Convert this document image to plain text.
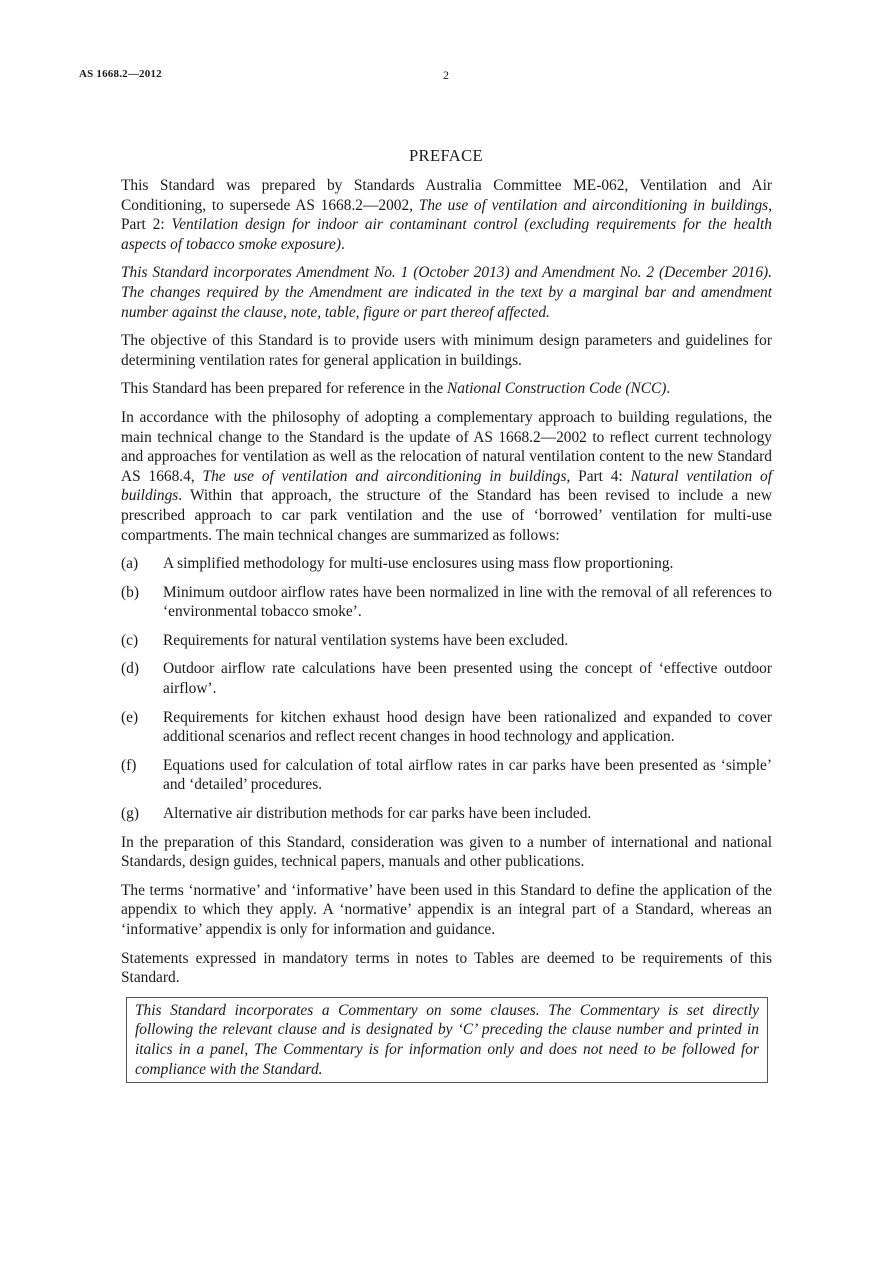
AS 1668.2—2012	2
PREFACE

This Standard was prepared by Standards Australia Committee ME-062, Ventilation and Air Conditioning, to supersede AS 1668.2—2002, The use of ventilation and airconditioning in buildings, Part 2: Ventilation design for indoor air contaminant control (excluding requirements for the health aspects of tobacco smoke exposure).

This Standard incorporates Amendment No. 1 (October 2013) and Amendment No. 2 (December 2016). The changes required by the Amendment are indicated in the text by a marginal bar and amendment number against the clause, note, table, figure or part thereof affected.

The objective of this Standard is to provide users with minimum design parameters and guidelines for determining ventilation rates for general application in buildings.

This Standard has been prepared for reference in the National Construction Code (NCC).

In accordance with the philosophy of adopting a complementary approach to building regulations, the main technical change to the Standard is the update of AS 1668.2—2002 to reflect current technology and approaches for ventilation as well as the relocation of natural ventilation content to the new Standard AS 1668.4, The use of ventilation and airconditioning in buildings, Part 4: Natural ventilation of buildings. Within that approach, the structure of the Standard has been revised to include a new prescribed approach to car park ventilation and the use of ‘borrowed’ ventilation for multi-use compartments. The main technical changes are summarized as follows:

(a)	A simplified methodology for multi-use enclosures using mass flow proportioning.
(b)	Minimum outdoor airflow rates have been normalized in line with the removal of all references to ‘environmental tobacco smoke’.
(c)	Requirements for natural ventilation systems have been excluded.
(d)	Outdoor airflow rate calculations have been presented using the concept of ‘effective outdoor airflow’.
(e)	Requirements for kitchen exhaust hood design have been rationalized and expanded to cover additional scenarios and reflect recent changes in hood technology and application.
(f)	Equations used for calculation of total airflow rates in car parks have been presented as ‘simple’ and ‘detailed’ procedures.
(g)	Alternative air distribution methods for car parks have been included.

In the preparation of this Standard, consideration was given to a number of international and national Standards, design guides, technical papers, manuals and other publications.

The terms ‘normative’ and ‘informative’ have been used in this Standard to define the application of the appendix to which they apply. A ‘normative’ appendix is an integral part of a Standard, whereas an ‘informative’ appendix is only for information and guidance.

Statements expressed in mandatory terms in notes to Tables are deemed to be requirements of this Standard.

This Standard incorporates a Commentary on some clauses. The Commentary is set directly following the relevant clause and is designated by ‘C’ preceding the clause number and printed in italics in a panel, The Commentary is for information only and does not need to be followed for compliance with the Standard.
